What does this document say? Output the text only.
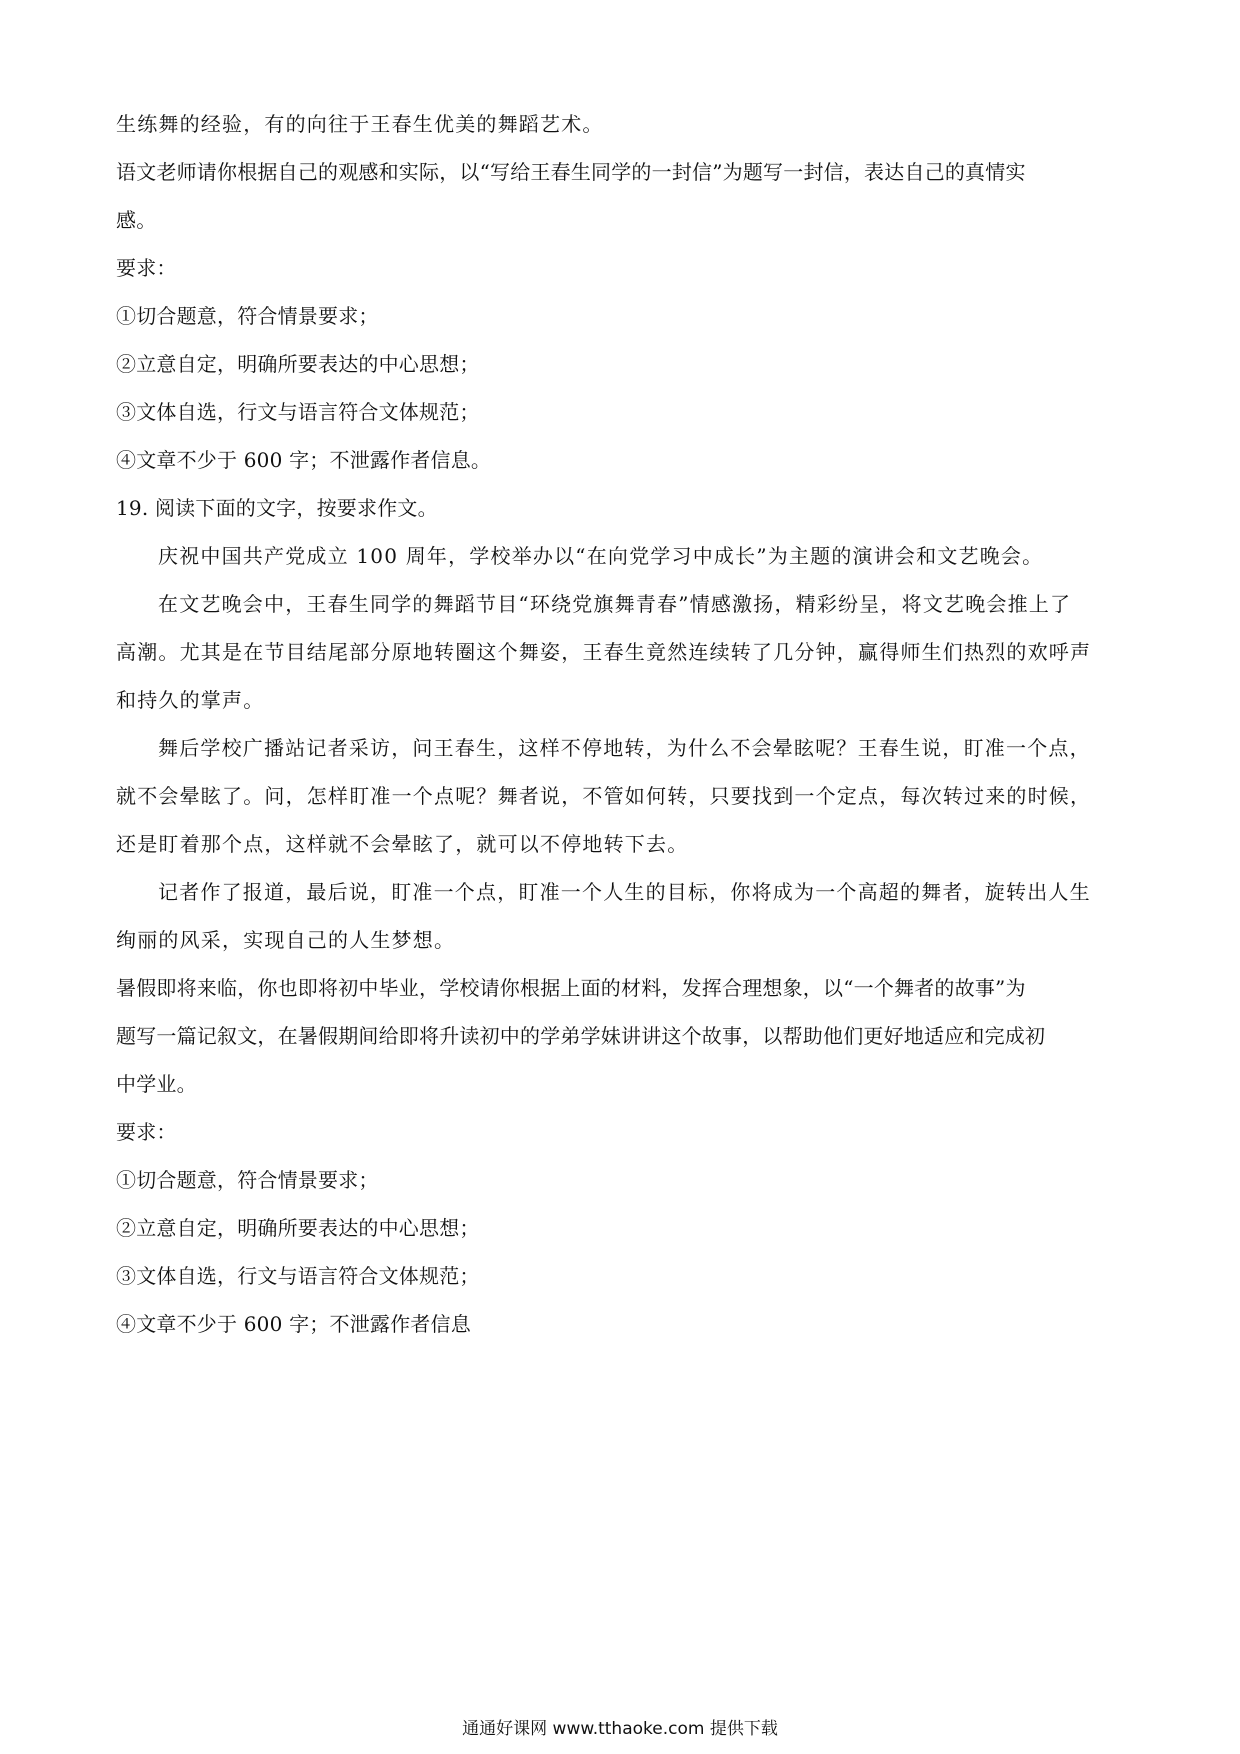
生练舞的经验，有的向往于王春生优美的舞蹈艺术。
语文老师请你根据自己的观感和实际，以“写给王春生同学的一封信”为题写一封信，表达自己的真情实
感。
要求：
①切合题意，符合情景要求；
②立意自定，明确所要表达的中心思想；
③文体自选，行文与语言符合文体规范；
④文章不少于 600 字；不泄露作者信息。
19. 阅读下面的文字，按要求作文。
庆祝中国共产党成立 100 周年，学校举办以“在向党学习中成长”为主题的演讲会和文艺晚会。
在文艺晚会中，王春生同学的舞蹈节目“环绕党旗舞青春”情感激扬，精彩纷呈，将文艺晚会推上了
高潮。尤其是在节目结尾部分原地转圈这个舞姿，王春生竟然连续转了几分钟，赢得师生们热烈的欢呼声
和持久的掌声。
舞后学校广播站记者采访，问王春生，这样不停地转，为什么不会晕眩呢？王春生说，盯准一个点，
就不会晕眩了。问，怎样盯准一个点呢？舞者说，不管如何转，只要找到一个定点，每次转过来的时候，
还是盯着那个点，这样就不会晕眩了，就可以不停地转下去。
记者作了报道，最后说，盯准一个点，盯准一个人生的目标，你将成为一个高超的舞者，旋转出人生
绚丽的风采，实现自己的人生梦想。
暑假即将来临，你也即将初中毕业，学校请你根据上面的材料，发挥合理想象，以“一个舞者的故事”为
题写一篇记叙文，在暑假期间给即将升读初中的学弟学妹讲讲这个故事，以帮助他们更好地适应和完成初
中学业。
要求：
①切合题意，符合情景要求；
②立意自定，明确所要表达的中心思想；
③文体自选，行文与语言符合文体规范；
④文章不少于 600 字；不泄露作者信息
通通好课网 www.tthaoke.com 提供下载
